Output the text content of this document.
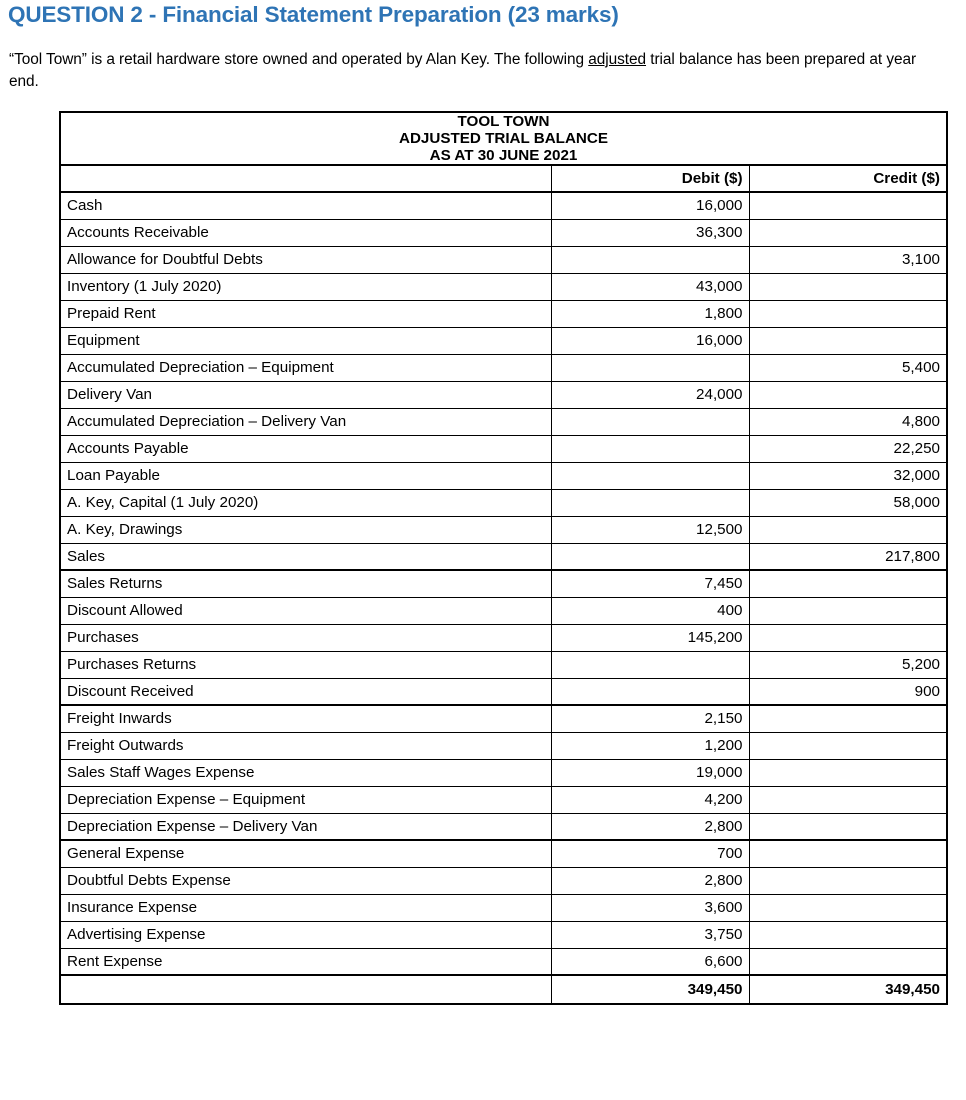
QUESTION 2 - Financial Statement Preparation (23 marks)
“Tool Town” is a retail hardware store owned and operated by Alan Key. The following adjusted trial balance has been prepared at year end.
TOOL TOWN
ADJUSTED TRIAL BALANCE
AS AT 30 JUNE 2021		

	Debit ($)	Credit ($)
Cash	16,000	
Accounts Receivable	36,300	
Allowance for Doubtful Debts		3,100
Inventory (1 July 2020)	43,000	
Prepaid Rent	1,800	
Equipment	16,000	
Accumulated Depreciation – Equipment		5,400
Delivery Van	24,000	
Accumulated Depreciation – Delivery Van		4,800
Accounts Payable		22,250
Loan Payable		32,000
A. Key, Capital (1 July 2020)		58,000
A. Key, Drawings	12,500	
Sales		217,800
Sales Returns	7,450	
Discount Allowed	400	
Purchases	145,200	
Purchases Returns		5,200
Discount Received		900
Freight Inwards	2,150	
Freight Outwards	1,200	
Sales Staff Wages Expense	19,000	
Depreciation Expense – Equipment	4,200	
Depreciation Expense – Delivery Van	2,800	
General Expense	700	
Doubtful Debts Expense	2,800	
Insurance Expense	3,600	
Advertising Expense	3,750	
Rent Expense	6,600	
	349,450	349,450
